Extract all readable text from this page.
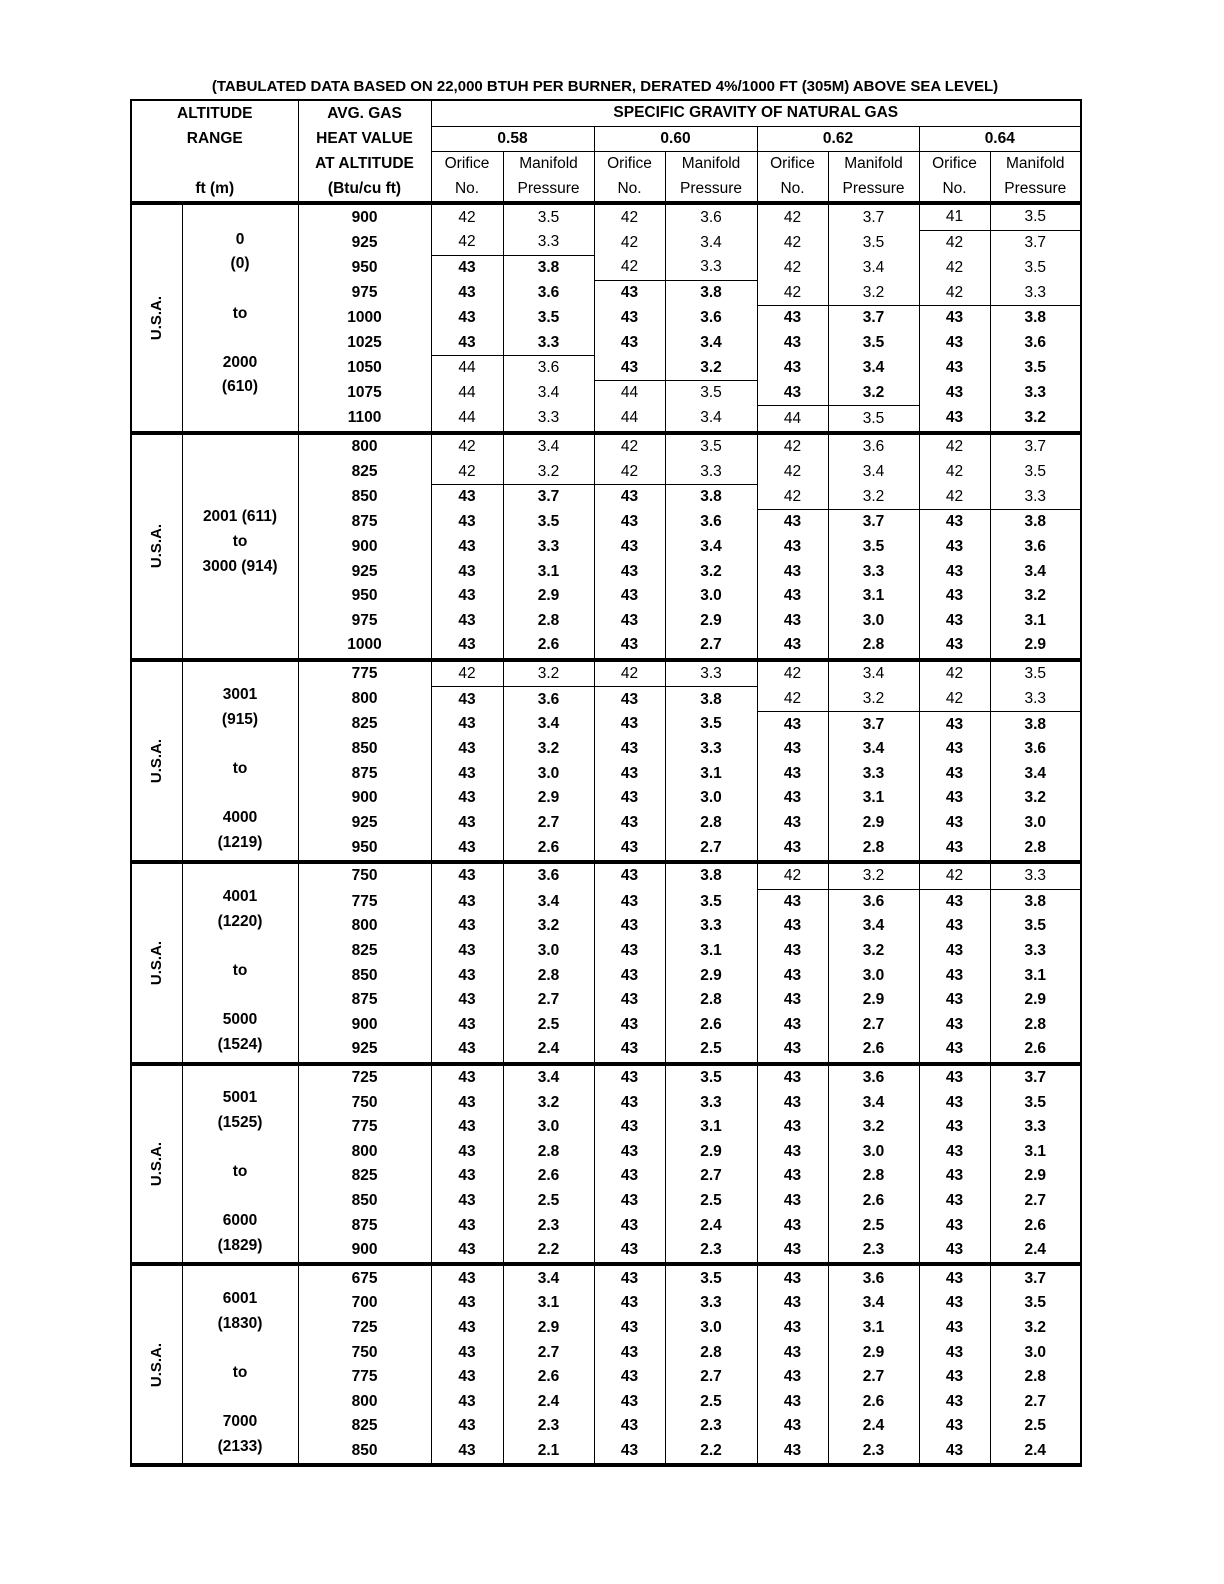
(TABULATED DATA BASED ON 22,000 BTUH PER BURNER, DERATED 4%/1000 FT (305M) ABOVE SEA LEVEL)
ALTITUDE		AVG. GAS	SPECIFIC GRAVITY OF NATURAL GAS							
RANGE		HEAT VALUE	0.58		0.60		0.62		0.64	
		AT ALTITUDE	Orifice	Manifold	Orifice	Manifold	Orifice	Manifold	Orifice	Manifold
ft (m)		(Btu/cu ft)	No.	Pressure	No.	Pressure	No.	Pressure	No.	Pressure

U.S.A.	0
(0)

to

2000
(610)	900	42	3.5	42	3.6	42	3.7	41	3.5
		925	42	3.3	42	3.4	42	3.5	42	3.7
		950	43	3.8	42	3.3	42	3.4	42	3.5
		975	43	3.6	43	3.8	42	3.2	42	3.3
		1000	43	3.5	43	3.6	43	3.7	43	3.8
		1025	43	3.3	43	3.4	43	3.5	43	3.6
		1050	44	3.6	43	3.2	43	3.4	43	3.5
		1075	44	3.4	44	3.5	43	3.2	43	3.3
		1100	44	3.3	44	3.4	44	3.5	43	3.2

U.S.A.	2001 (611)
to
3000 (914)	800	42	3.4	42	3.5	42	3.6	42	3.7
		825	42	3.2	42	3.3	42	3.4	42	3.5
		850	43	3.7	43	3.8	42	3.2	42	3.3
		875	43	3.5	43	3.6	43	3.7	43	3.8
		900	43	3.3	43	3.4	43	3.5	43	3.6
		925	43	3.1	43	3.2	43	3.3	43	3.4
		950	43	2.9	43	3.0	43	3.1	43	3.2
		975	43	2.8	43	2.9	43	3.0	43	3.1
		1000	43	2.6	43	2.7	43	2.8	43	2.9

U.S.A.	3001
(915)

to

4000
(1219)	775	42	3.2	42	3.3	42	3.4	42	3.5
		800	43	3.6	43	3.8	42	3.2	42	3.3
		825	43	3.4	43	3.5	43	3.7	43	3.8
		850	43	3.2	43	3.3	43	3.4	43	3.6
		875	43	3.0	43	3.1	43	3.3	43	3.4
		900	43	2.9	43	3.0	43	3.1	43	3.2
		925	43	2.7	43	2.8	43	2.9	43	3.0
		950	43	2.6	43	2.7	43	2.8	43	2.8

U.S.A.	4001
(1220)

to

5000
(1524)	750	43	3.6	43	3.8	42	3.2	42	3.3
		775	43	3.4	43	3.5	43	3.6	43	3.8
		800	43	3.2	43	3.3	43	3.4	43	3.5
		825	43	3.0	43	3.1	43	3.2	43	3.3
		850	43	2.8	43	2.9	43	3.0	43	3.1
		875	43	2.7	43	2.8	43	2.9	43	2.9
		900	43	2.5	43	2.6	43	2.7	43	2.8
		925	43	2.4	43	2.5	43	2.6	43	2.6

U.S.A.	5001
(1525)

to

6000
(1829)	725	43	3.4	43	3.5	43	3.6	43	3.7
		750	43	3.2	43	3.3	43	3.4	43	3.5
		775	43	3.0	43	3.1	43	3.2	43	3.3
		800	43	2.8	43	2.9	43	3.0	43	3.1
		825	43	2.6	43	2.7	43	2.8	43	2.9
		850	43	2.5	43	2.5	43	2.6	43	2.7
		875	43	2.3	43	2.4	43	2.5	43	2.6
		900	43	2.2	43	2.3	43	2.3	43	2.4

U.S.A.	6001
(1830)

to

7000
(2133)	675	43	3.4	43	3.5	43	3.6	43	3.7
		700	43	3.1	43	3.3	43	3.4	43	3.5
		725	43	2.9	43	3.0	43	3.1	43	3.2
		750	43	2.7	43	2.8	43	2.9	43	3.0
		775	43	2.6	43	2.7	43	2.7	43	2.8
		800	43	2.4	43	2.5	43	2.6	43	2.7
		825	43	2.3	43	2.3	43	2.4	43	2.5
		850	43	2.1	43	2.2	43	2.3	43	2.4
